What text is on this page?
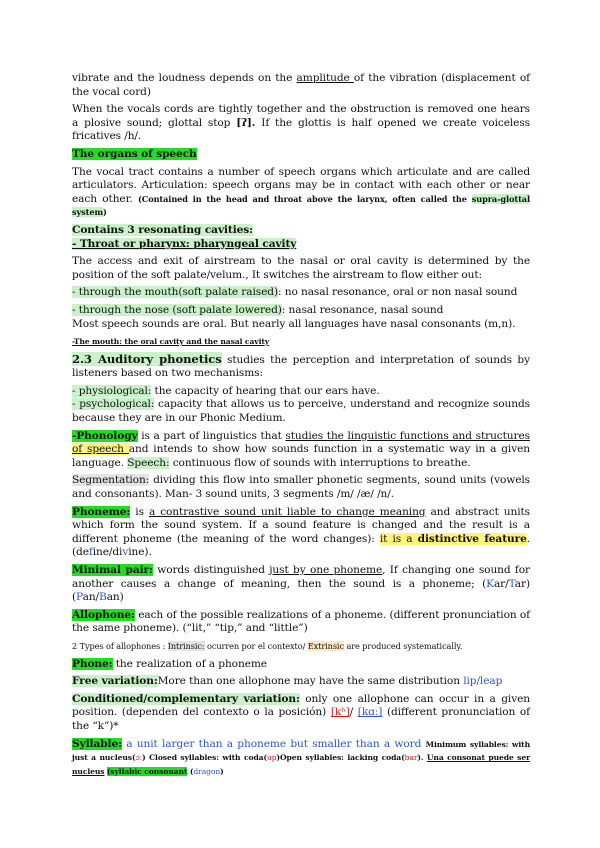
vibrate and the loudness depends on the amplitude of the vibration (displacement of the vocal cord)

When the vocals cords are tightly together and the obstruction is removed one hears a plosive sound; glottal stop [ʔ]. If the glottis is half opened we create voiceless fricatives /h/.

The organs of speech

The vocal tract contains a number of speech organs which articulate and are called articulators. Articulation: speech organs may be in contact with each other or near each other. (Contained in the head and throat above the larynx, often called the supra-glottal system)

Contains 3 resonating cavities:

- Throat or pharynx: pharyngeal cavity

The access and exit of airstream to the nasal or oral cavity is determined by the position of the soft palate/velum., It switches the airstream to flow either out:

- through the mouth(soft palate raised): no nasal resonance, oral or non nasal sound

- through the nose (soft palate lowered): nasal resonance, nasal sound

Most speech sounds are oral. But nearly all languages have nasal consonants (m,n).

-The mouth: the oral cavity and the nasal cavity

2.3 Auditory phonetics studies the perception and interpretation of sounds by listeners based on two mechanisms:

- physiological: the capacity of hearing that our ears have.

- psychological: capacity that allows us to perceive, understand and recognize sounds because they are in our Phonic Medium.

-Phonology is a part of linguistics that studies the linguistic functions and structures of speech and intends to show how sounds function in a systematic way in a given language. Speech: continuous flow of sounds with interruptions to breathe.

Segmentation: dividing this flow into smaller phonetic segments, sound units (vowels and consonants). Man- 3 sound units, 3 segments /m/ /æ/ /n/.

Phoneme: is a contrastive sound unit liable to change meaning and abstract units which form the sound system. If a sound feature is changed and the result is a different phoneme (the meaning of the word changes): it is a distinctive feature. (define/divine).

Minimal pair: words distinguished just by one phoneme, If changing one sound for another causes a change of meaning, then the sound is a phoneme; (Kar/Tar) (Pan/Ban)

Allophone: each of the possible realizations of a phoneme. (different pronunciation of the same phoneme). (“lit,” “tip,” and “little”)

2 Types of allophones : Intrinsic: ocurren por el contexto/ Extrinsic are produced systematically.

Phone: the realization of a phoneme

Free variation:More than one allophone may have the same distribution lip/leap

Conditioned/complementary variation: only one allophone can occur in a given position. (dependen del contexto o la posición) [kʰ]/ [kɑː] (different pronunciation of the “k”)*

Syllable: a unit larger than a phoneme but smaller than a word Minimum syllables: with just a nucleus(ɔː) Closed syllables: with coda(up)Open syllables: lacking coda(bar). Una consonat puede ser nucleus (syllabic consonant (dragon)
